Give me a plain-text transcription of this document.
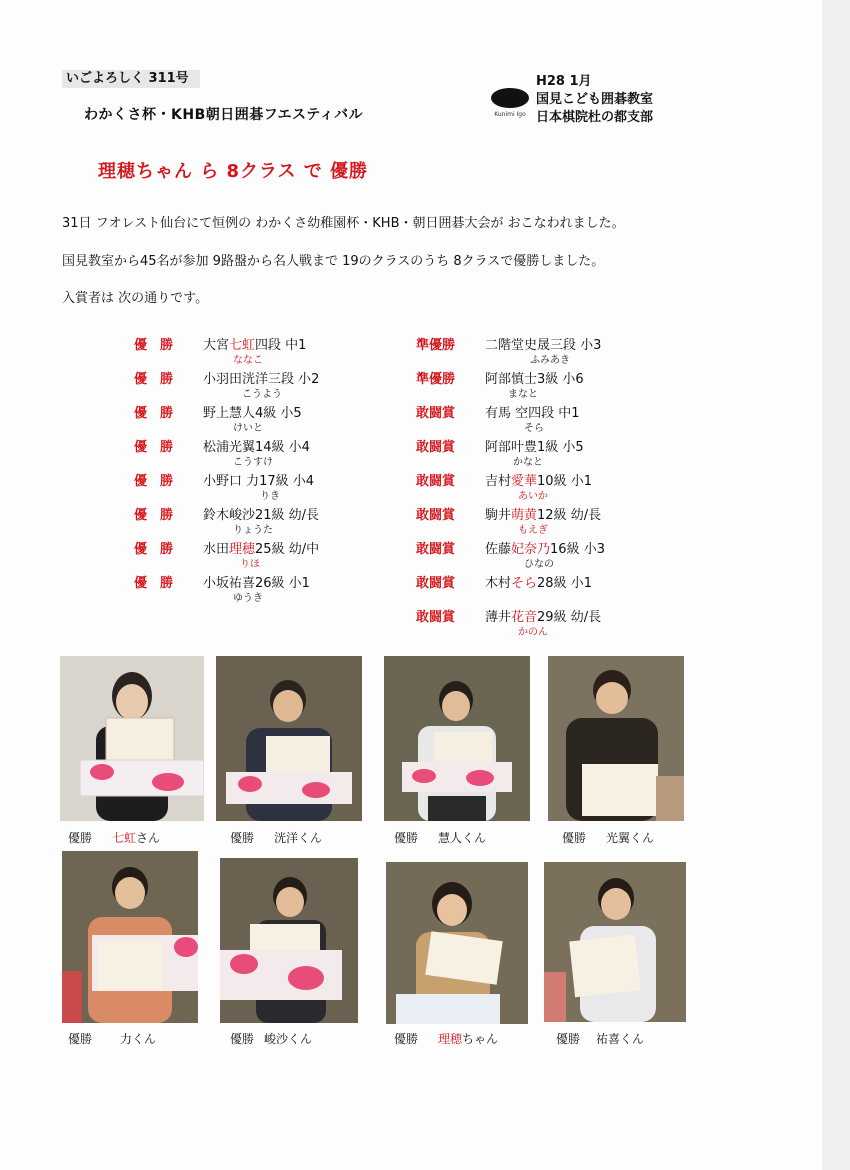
いごよろしく 311号
わかくさ杯・KHB朝日囲碁フエスティバル	Kunimi Igo
H28 1月
国見こども囲碁教室
日本棋院杜の都支部
理穂ちゃん ら 8クラス で 優勝
31日 フオレスト仙台にて恒例の わかくさ幼稚園杯・KHB・朝日囲碁大会が おこなわれました。
国見教室から45名が参加 9路盤から名人戦まで 19のクラスのうち 8クラスで優勝しました。
入賞者は 次の通りです。
優　勝 大宮七虹四段 中1
ななこ
優　勝 小羽田洸洋三段 小2
こうよう
優　勝 野上慧人4級 小5
けいと
優　勝 松浦光翼14級 小4
こうすけ
優　勝 小野口 力17級 小4
りき
優　勝 鈴木峻沙21級 幼/長
りょうた
優　勝 水田理穂25級 幼/中
りほ
優　勝 小坂祐喜26級 小1
ゆうき
準優勝 二階堂史晟三段 小3
ふみあき
準優勝 阿部慎士3級 小6
まなと
敢闘賞 有馬 空四段 中1
そら
敢闘賞 阿部叶豊1級 小5
かなと
敢闘賞 吉村愛華10級 小1
あいか
敢闘賞 駒井萌黄12級 幼/長
もえぎ
敢闘賞 佐藤妃奈乃16級 小3
ひなの
敢闘賞 木村そら28級 小1
敢闘賞 薄井花音29級 幼/長
かのん
優勝 七虹さん	優勝 洸洋くん	優勝 慧人くん	優勝 光翼くん
優勝 力くん	優勝 峻沙くん	優勝 理穂ちゃん	優勝 祐喜くん
